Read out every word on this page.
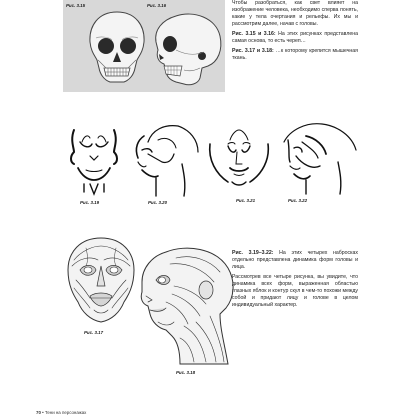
Рис. 3.15	Рис. 3.16	Чтобы разобраться, как свет влияет на изображение человека, необходимо сперва понять, какие у тела очертания и рельефы. Их мы и рассмотрим далее, начав с головы.

Рис. 3.15 и 3.16: На этих рисунках представлена самая основа, то есть череп…

Рис. 3.17 и 3.18: …к которому крепится мышечная ткань.

Рис. 3.19	Рис. 3.20	Рис. 3.21	Рис. 3.22
Рис. 3.17
Рис. 3.18

Рис. 3.19–3.22: На этих четырех набросках отдельно представлена динамика форм головы и лица.

Рассмотрев все четыре рисунка, вы увидите, что динамика всех форм, выраженная областью глазных яблок и контур скул в чем-то похожи между собой и придают лицу и голове в целом индивидуальный характер.

70 • Тени на персонажах
